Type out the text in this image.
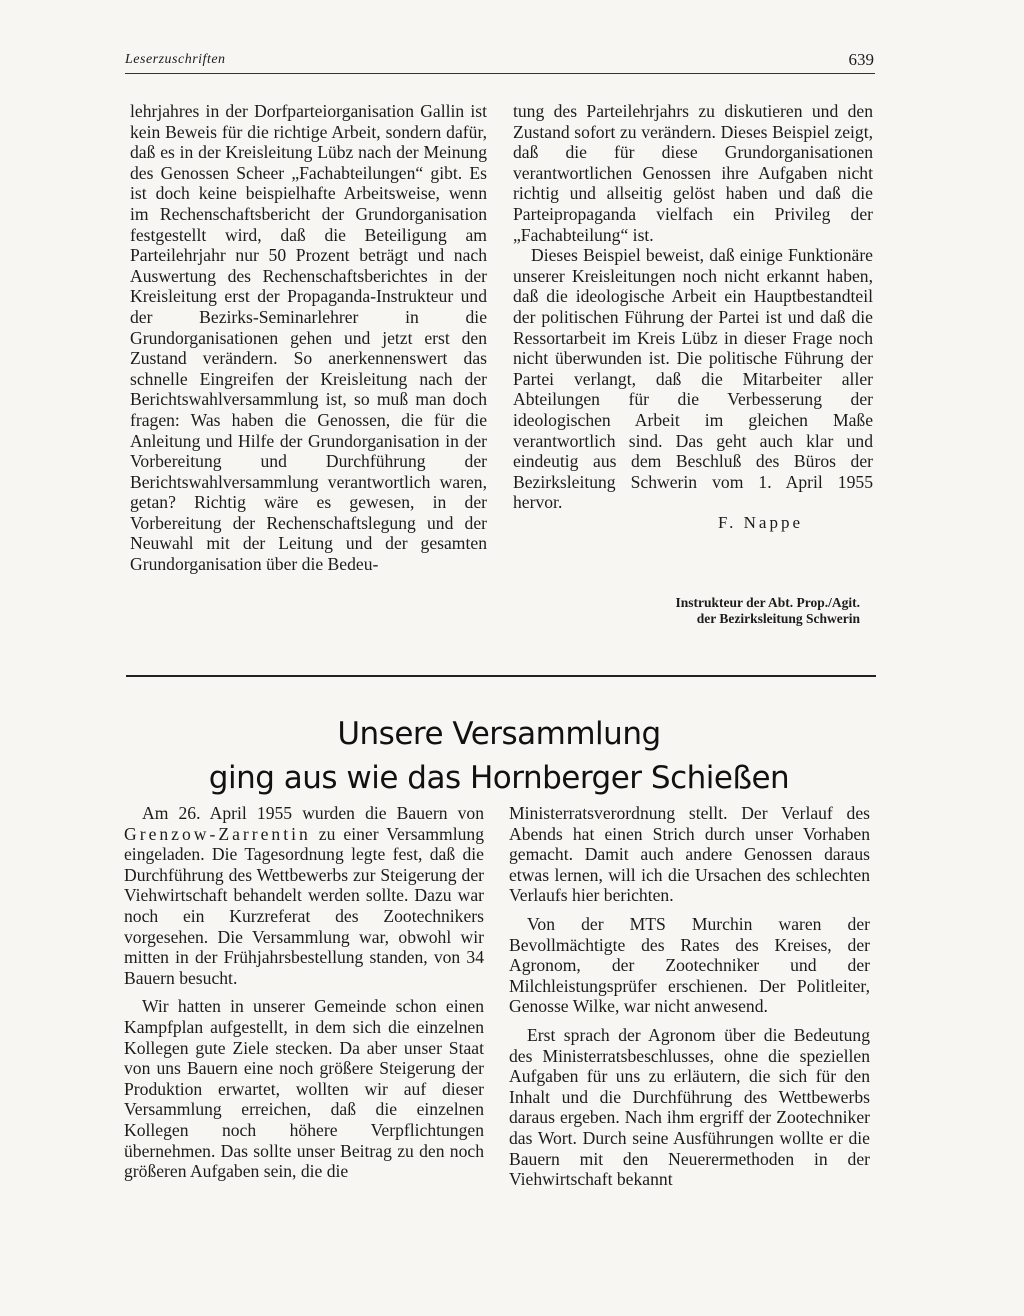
Leserzuschriften	639

lehrjahres in der Dorfparteiorganisation Gallin ist kein Beweis für die richtige Arbeit, sondern dafür, daß es in der Kreisleitung Lübz nach der Meinung des Genossen Scheer „Fachabteilungen“ gibt. Es ist doch keine beispielhafte Arbeitsweise, wenn im Rechenschaftsbericht der Grundorganisation festgestellt wird, daß die Beteiligung am Parteilehrjahr nur 50 Prozent beträgt und nach Auswertung des Rechenschaftsberichtes in der Kreisleitung erst der Propaganda-Instrukteur und der Bezirks-Seminarlehrer in die Grundorganisationen gehen und jetzt erst den Zustand verändern. So anerkennenswert das schnelle Eingreifen der Kreisleitung nach der Berichtswahlversammlung ist, so muß man doch fragen: Was haben die Genossen, die für die Anleitung und Hilfe der Grundorganisation in der Vorbereitung und Durchführung der Berichtswahlversammlung verantwortlich waren, getan? Richtig wäre es gewesen, in der Vorbereitung der Rechenschaftslegung und der Neuwahl mit der Leitung und der gesamten Grundorganisation über die Bedeu-

tung des Parteilehrjahrs zu diskutieren und den Zustand sofort zu verändern. Dieses Beispiel zeigt, daß die für diese Grundorganisationen verantwortlichen Genossen ihre Aufgaben nicht richtig und allseitig gelöst haben und daß die Parteipropaganda vielfach ein Privileg der „Fachabteilung“ ist.

Dieses Beispiel beweist, daß einige Funktionäre unserer Kreisleitungen noch nicht erkannt haben, daß die ideologische Arbeit ein Hauptbestandteil der politischen Führung der Partei ist und daß die Ressortarbeit im Kreis Lübz in dieser Frage noch nicht überwunden ist. Die politische Führung der Partei verlangt, daß die Mitarbeiter aller Abteilungen für die Verbesserung der ideologischen Arbeit im gleichen Maße verantwortlich sind. Das geht auch klar und eindeutig aus dem Beschluß des Büros der Bezirksleitung Schwerin vom 1. April 1955 hervor.

F. Nappe

Instrukteur der Abt. Prop./Agit.
der Bezirksleitung Schwerin
Unsere Versammlung
ging aus wie das Hornberger Schießen

Am 26. April 1955 wurden die Bauern von Grenzow-Zarrentin zu einer Versammlung eingeladen. Die Tagesordnung legte fest, daß die Durchführung des Wettbewerbs zur Steigerung der Viehwirtschaft behandelt werden sollte. Dazu war noch ein Kurzreferat des Zootechnikers vorgesehen. Die Versammlung war, obwohl wir mitten in der Frühjahrsbestellung standen, von 34 Bauern besucht.

Wir hatten in unserer Gemeinde schon einen Kampfplan aufgestellt, in dem sich die einzelnen Kollegen gute Ziele stecken. Da aber unser Staat von uns Bauern eine noch größere Steigerung der Produktion erwartet, wollten wir auf dieser Versammlung erreichen, daß die einzelnen Kollegen noch höhere Verpflichtungen übernehmen. Das sollte unser Beitrag zu den noch größeren Aufgaben sein, die die

Ministerratsverordnung stellt. Der Verlauf des Abends hat einen Strich durch unser Vorhaben gemacht. Damit auch andere Genossen daraus etwas lernen, will ich die Ursachen des schlechten Verlaufs hier berichten.

Von der MTS Murchin waren der Bevollmächtigte des Rates des Kreises, der Agronom, der Zootechniker und der Milchleistungsprüfer erschienen. Der Politleiter, Genosse Wilke, war nicht anwesend.

Erst sprach der Agronom über die Bedeutung des Ministerratsbeschlusses, ohne die speziellen Aufgaben für uns zu erläutern, die sich für den Inhalt und die Durchführung des Wettbewerbs daraus ergeben. Nach ihm ergriff der Zootechniker das Wort. Durch seine Ausführungen wollte er die Bauern mit den Neuerermethoden in der Viehwirtschaft bekannt
